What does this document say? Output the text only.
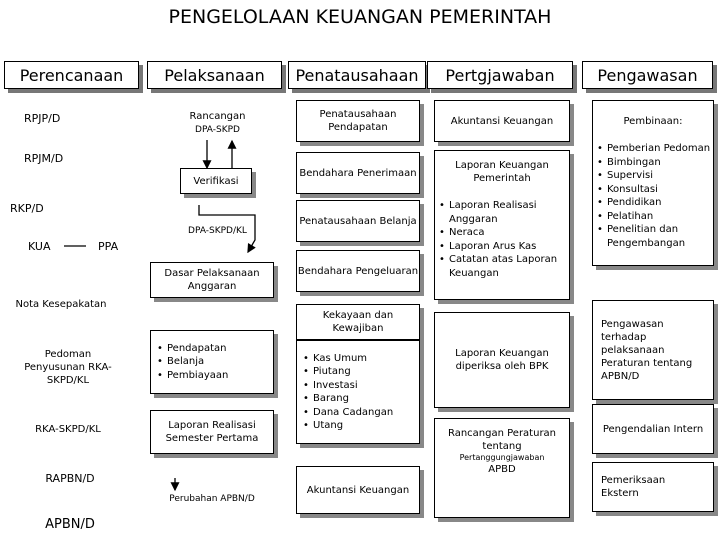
PENGELOLAAN KEUANGAN PEMERINTAH
Perencanaan	Pelaksanaan	Penatausahaan	Pertgjawaban	Pengawasan
RPJP/D
RPJM/D
RKP/D
KUA	PPA
Nota Kesepakatan
Pedoman Penyusunan RKA-SKPD/KL
RKA-SKPD/KL
RAPBN/D
APBN/D
Rancangan
DPA-SKPD
Verifikasi
DPA-SKPD/KL
Dasar Pelaksanaan Anggaran
• Pendapatan
• Belanja
• Pembiayaan
Laporan Realisasi Semester Pertama
Perubahan APBN/D
Penatausahaan Pendapatan
Bendahara Penerimaan
Penatausahaan Belanja
Bendahara Pengeluaran
Kekayaan dan Kewajiban
• Kas Umum
• Piutang
• Investasi
• Barang
• Dana Cadangan
• Utang
Akuntansi Keuangan
Akuntansi Keuangan
Laporan Keuangan Pemerintah
• Laporan Realisasi Anggaran
• Neraca
• Laporan Arus Kas
• Catatan atas Laporan Keuangan
Laporan Keuangan diperiksa oleh BPK
Rancangan Peraturan tentang
Pertanggungjawaban
APBD
Pembinaan:
• Pemberian Pedoman
• Bimbingan
• Supervisi
• Konsultasi
• Pendidikan
• Pelatihan
• Penelitian dan Pengembangan
Pengawasan terhadap pelaksanaan Peraturan tentang APBN/D
Pengendalian Intern
Pemeriksaan Ekstern
